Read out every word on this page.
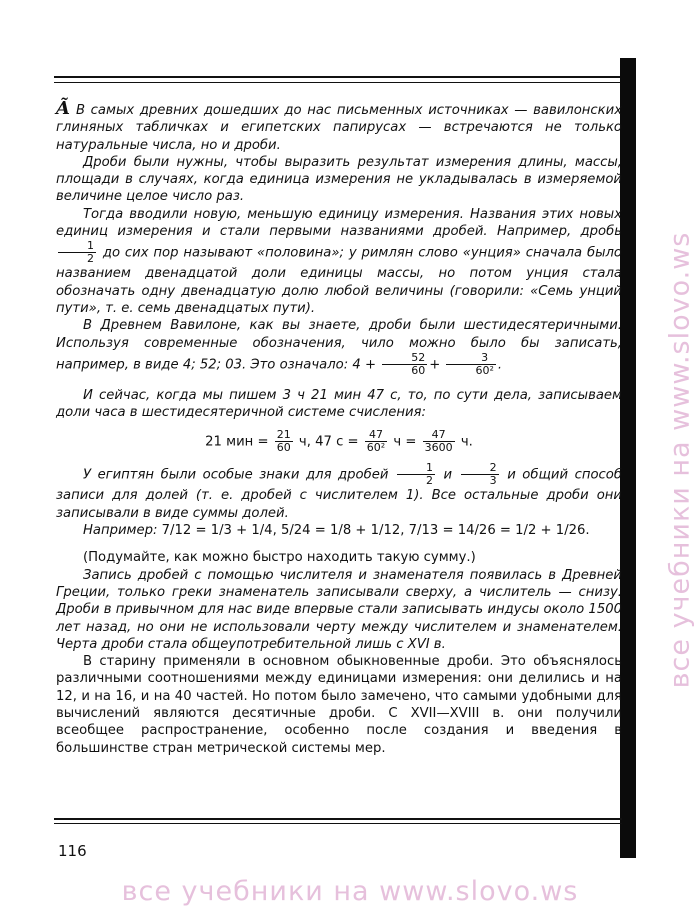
Ã В самых древних дошедших до нас письменных источниках — вавилонских глиняных табличках и египетских папирусах — встречаются не только натуральные числа, но и дроби.

Дроби были нужны, чтобы выразить результат измерения длины, массы, площади в случаях, когда единица измерения не укладывалась в измеряемой величине целое число раз.

Тогда вводили новую, меньшую единицу измерения. Названия этих новых единиц измерения и стали первыми названиями дробей. Например, дробь
$\frac{1}{2}$ до сих пор называют «половина»; у римлян слово «унция» сначала было названием двенадцатой доли единицы массы, но потом унция стала обозначать одну двенадцатую долю любой величины (говорили: «Семь унций пути», т. е. семь двенадцатых пути).

В Древнем Вавилоне, как вы знаете, дроби были шестидесятеричными. Используя современные обозначения, чило можно было бы записать, например, в виде 4; 52; 03. Это означало: $4 + \frac{52}{60} + \frac{3}{\text{60²}}$ .

И сейчас, когда мы пишем 3 ч 21 мин 47 с, то, по сути дела, записываем доли часа в шестидесятеричной системе счисления:

21 мин = $\frac{21}{60} ч$, 47 $с = \frac{47}{\text{60²}}$ $ч = \frac{47}{3600} ч$.

У египтян были особые знаки для дробей $\frac{1}{2}$ и $\frac{2}{3}$ и общий способ записи для долей (т. е. дробей с числителем 1). Все остальные дроби они записывали в виде суммы долей.

Например: 7/12 = 1/3 + 1/4, 5/24 = 1/8 + 1/12, 7/13 = 14/26 = 1/2 + 1/26.

(Подумайте, как можно быстро находить такую сумму.)

Запись дробей с помощью числителя и знаменателя появилась в Древней Греции, только греки знаменатель записывали сверху, а числитель — снизу. Дроби в привычном для нас виде впервые стали записывать индусы около 1500 лет назад, но они не использовали черту между числителем и знаменателем. Черта дроби стала общеупотребительной лишь с XVI в.

В старину применяли в основном обыкновенные дроби. Это объяснялось различными соотношениями между единицами измерения: они делились и на 12, и на 16, и на 40 частей. Но потом было замечено, что самыми удобными для вычислений являются десятичные дроби. С XVII—XVIII в. они получили всеобщее распространение, особенно после создания и введения в большинстве стран метрической системы мер.

116
все учебники на www.slovo.ws
все учебники на www.slovo.ws
